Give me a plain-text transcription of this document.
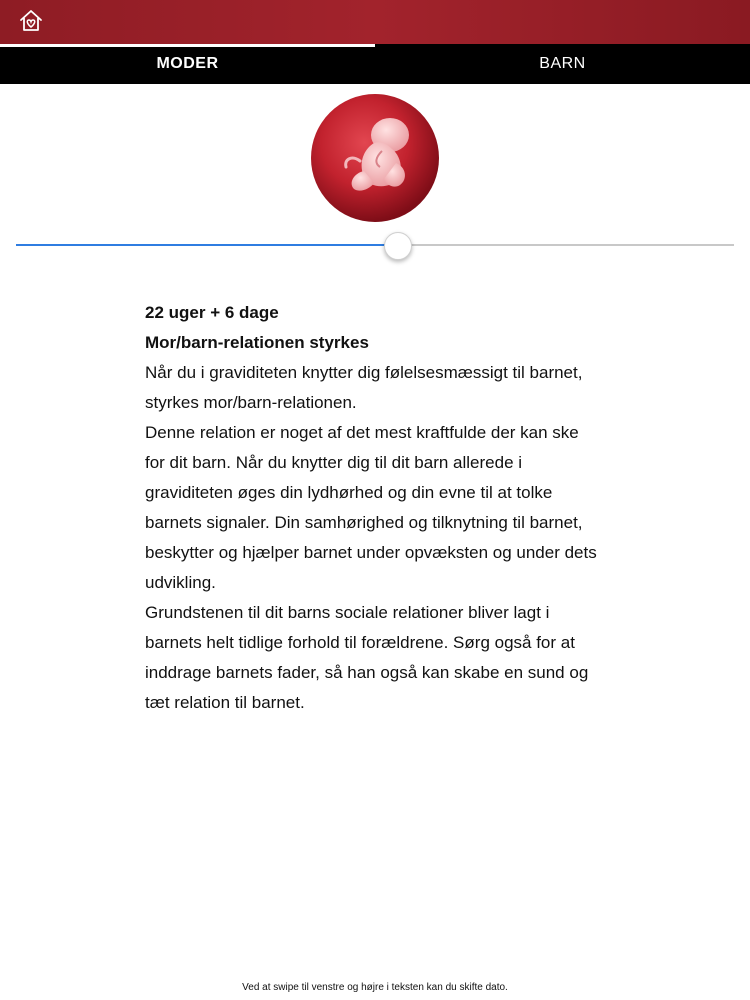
MODER	BARN
22 uger + 6 dage
Mor/barn-relationen styrkes
Når du i graviditeten knytter dig følelsesmæssigt til barnet,
styrkes mor/barn-relationen.
Denne relation er noget af det mest kraftfulde der kan ske
for dit barn. Når du knytter dig til dit barn allerede i
graviditeten øges din lydhørhed og din evne til at tolke
barnets signaler. Din samhørighed og tilknytning til barnet,
beskytter og hjælper barnet under opvæksten og under dets
udvikling.
Grundstenen til dit barns sociale relationer bliver lagt i
barnets helt tidlige forhold til forældrene. Sørg også for at
inddrage barnets fader, så han også kan skabe en sund og
tæt relation til barnet.
Ved at swipe til venstre og højre i teksten kan du skifte dato.
